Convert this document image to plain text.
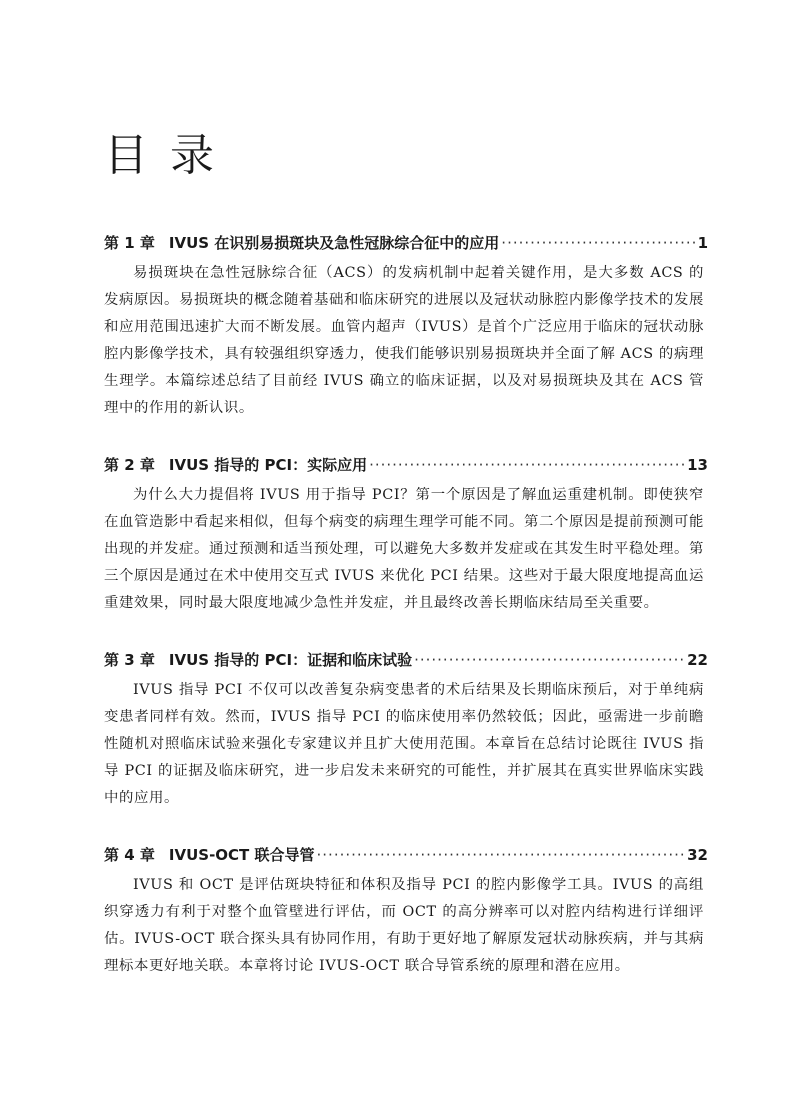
目录
第 1 章 IVUS 在识别易损斑块及急性冠脉综合征中的应用 ·····	1

易损斑块在急性冠脉综合征（ACS）的发病机制中起着关键作用，是大多数 ACS 的发病原因。易损斑块的概念随着基础和临床研究的进展以及冠状动脉腔内影像学技术的发展和应用范围迅速扩大而不断发展。血管内超声（IVUS）是首个广泛应用于临床的冠状动脉腔内影像学技术，具有较强组织穿透力，使我们能够识别易损斑块并全面了解 ACS 的病理生理学。本篇综述总结了目前经 IVUS 确立的临床证据，以及对易损斑块及其在 ACS 管理中的作用的新认识。

第 2 章 IVUS 指导的 PCI：实际应用 ·····	13

为什么大力提倡将 IVUS 用于指导 PCI？第一个原因是了解血运重建机制。即使狭窄在血管造影中看起来相似，但每个病变的病理生理学可能不同。第二个原因是提前预测可能出现的并发症。通过预测和适当预处理，可以避免大多数并发症或在其发生时平稳处理。第三个原因是通过在术中使用交互式 IVUS 来优化 PCI 结果。这些对于最大限度地提高血运重建效果，同时最大限度地减少急性并发症，并且最终改善长期临床结局至关重要。

第 3 章 IVUS 指导的 PCI：证据和临床试验 ·····	22

IVUS 指导 PCI 不仅可以改善复杂病变患者的术后结果及长期临床预后，对于单纯病变患者同样有效。然而，IVUS 指导 PCI 的临床使用率仍然较低；因此，亟需进一步前瞻性随机对照临床试验来强化专家建议并且扩大使用范围。本章旨在总结讨论既往 IVUS 指导 PCI 的证据及临床研究，进一步启发未来研究的可能性，并扩展其在真实世界临床实践中的应用。

第 4 章 IVUS-OCT 联合导管 ·····	32

IVUS 和 OCT 是评估斑块特征和体积及指导 PCI 的腔内影像学工具。IVUS 的高组织穿透力有利于对整个血管壁进行评估，而 OCT 的高分辨率可以对腔内结构进行详细评估。IVUS-OCT 联合探头具有协同作用，有助于更好地了解原发冠状动脉疾病，并与其病理标本更好地关联。本章将讨论 IVUS-OCT 联合导管系统的原理和潜在应用。
